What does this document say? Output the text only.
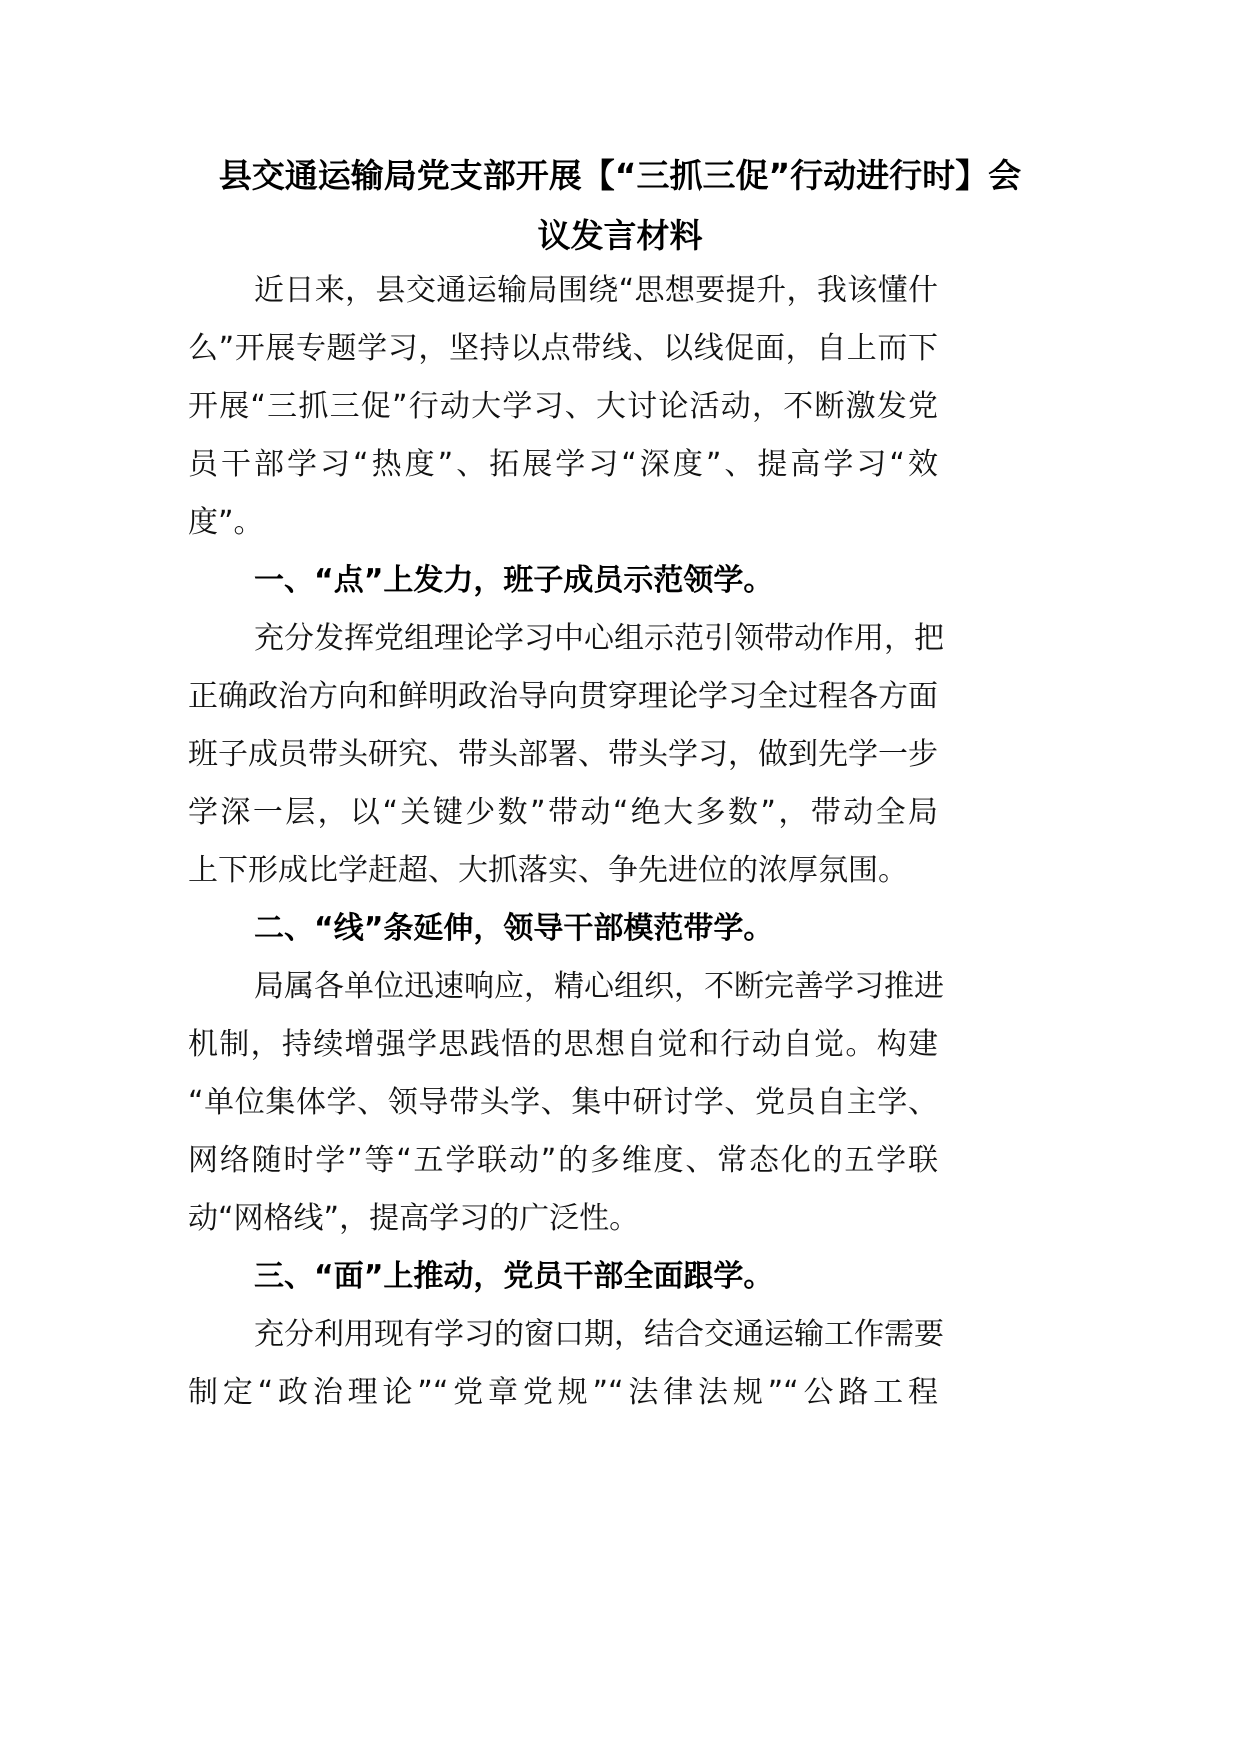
县交通运输局党支部开展【“三抓三促”行动进行时】会
议发言材料
近日来，县交通运输局围绕“思想要提升，我该懂什
么”开展专题学习，坚持以点带线、以线促面，自上而下
开展“三抓三促”行动大学习、大讨论活动，不断激发党
员干部学习“热度”、拓展学习“深度”、提高学习“效
度”。
一、“点”上发力，班子成员示范领学。
充分发挥党组理论学习中心组示范引领带动作用，把
正确政治方向和鲜明政治导向贯穿理论学习全过程各方面
班子成员带头研究、带头部署、带头学习，做到先学一步
学深一层，以“关键少数”带动“绝大多数”，带动全局
上下形成比学赶超、大抓落实、争先进位的浓厚氛围。
二、“线”条延伸，领导干部模范带学。
局属各单位迅速响应，精心组织，不断完善学习推进
机制，持续增强学思践悟的思想自觉和行动自觉。构建
“单位集体学、领导带头学、集中研讨学、党员自主学、
网络随时学”等“五学联动”的多维度、常态化的五学联
动“网格线”，提高学习的广泛性。
三、“面”上推动，党员干部全面跟学。
充分利用现有学习的窗口期，结合交通运输工作需要
制定“政治理论”“党章党规”“法律法规”“公路工程
